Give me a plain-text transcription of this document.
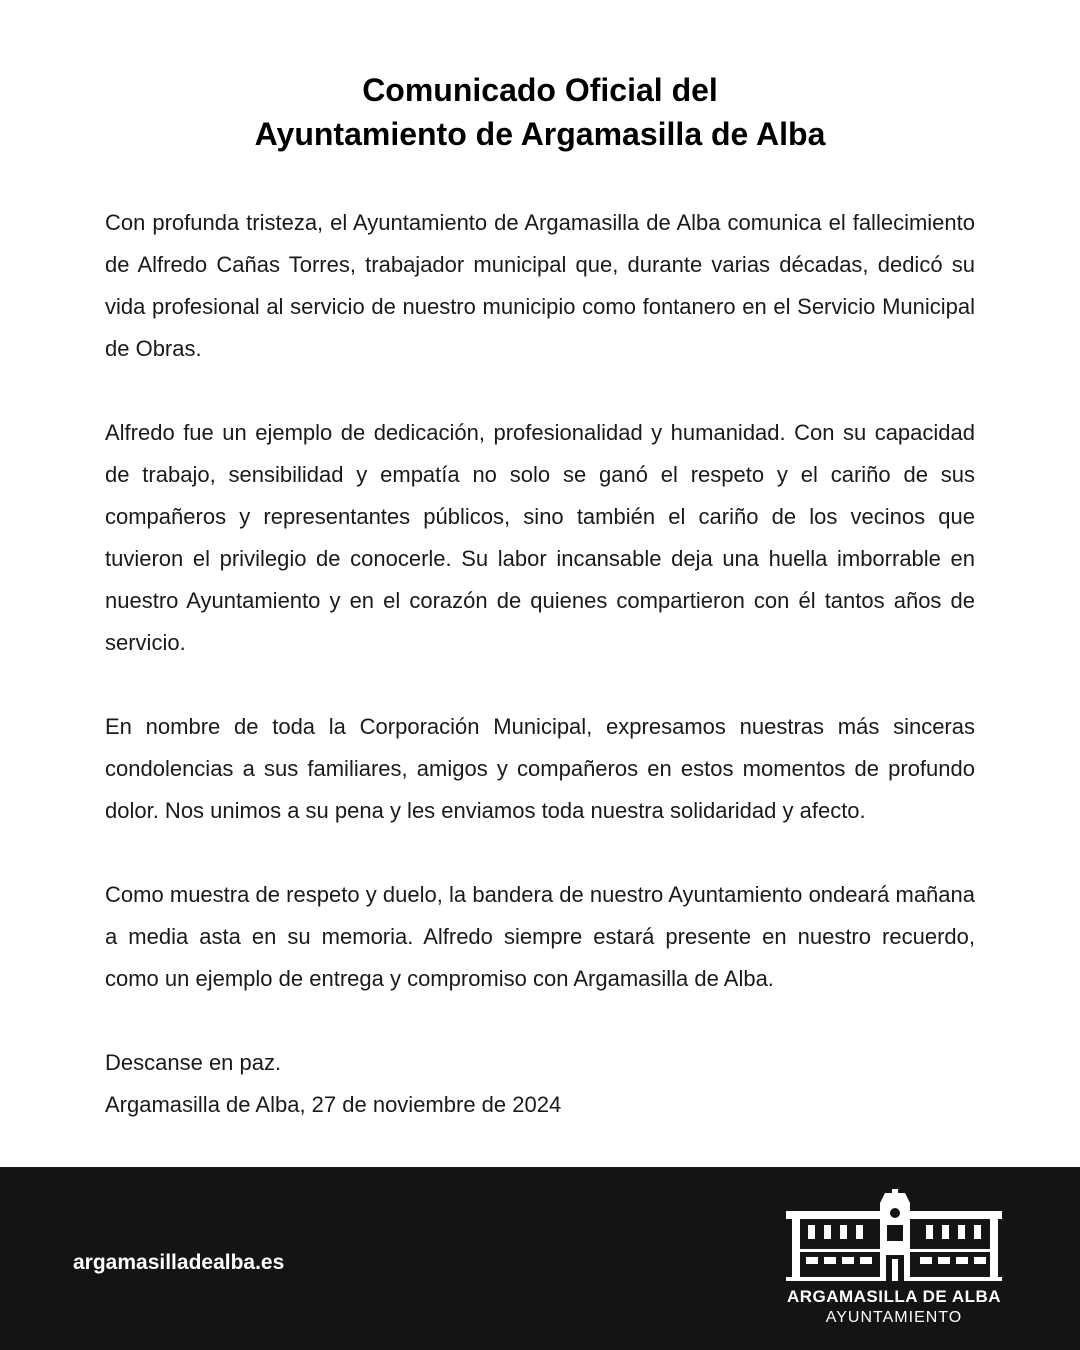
Comunicado Oficial del
Ayuntamiento de Argamasilla de Alba

Con profunda tristeza, el Ayuntamiento de Argamasilla de Alba comunica el fallecimiento de Alfredo Cañas Torres, trabajador municipal que, durante varias décadas, dedicó su vida profesional al servicio de nuestro municipio como fontanero en el Servicio Municipal de Obras.

Alfredo fue un ejemplo de dedicación, profesionalidad y humanidad. Con su capacidad de trabajo, sensibilidad y empatía no solo se ganó el respeto y el cariño de sus compañeros y representantes públicos, sino también el cariño de los vecinos que tuvieron el privilegio de conocerle. Su labor incansable deja una huella imborrable en nuestro Ayuntamiento y en el corazón de quienes compartieron con él tantos años de servicio.

En nombre de toda la Corporación Municipal, expresamos nuestras más sinceras condolencias a sus familiares, amigos y compañeros en estos momentos de profundo dolor. Nos unimos a su pena y les enviamos toda nuestra solidaridad y afecto.

Como muestra de respeto y duelo, la bandera de nuestro Ayuntamiento ondeará mañana a media asta en su memoria. Alfredo siempre estará presente en nuestro recuerdo, como un ejemplo de entrega y compromiso con Argamasilla de Alba.

Descanse en paz.

Argamasilla de Alba, 27 de noviembre de 2024

argamasilladealba.es
ARGAMASILLA DE ALBA
AYUNTAMIENTO
